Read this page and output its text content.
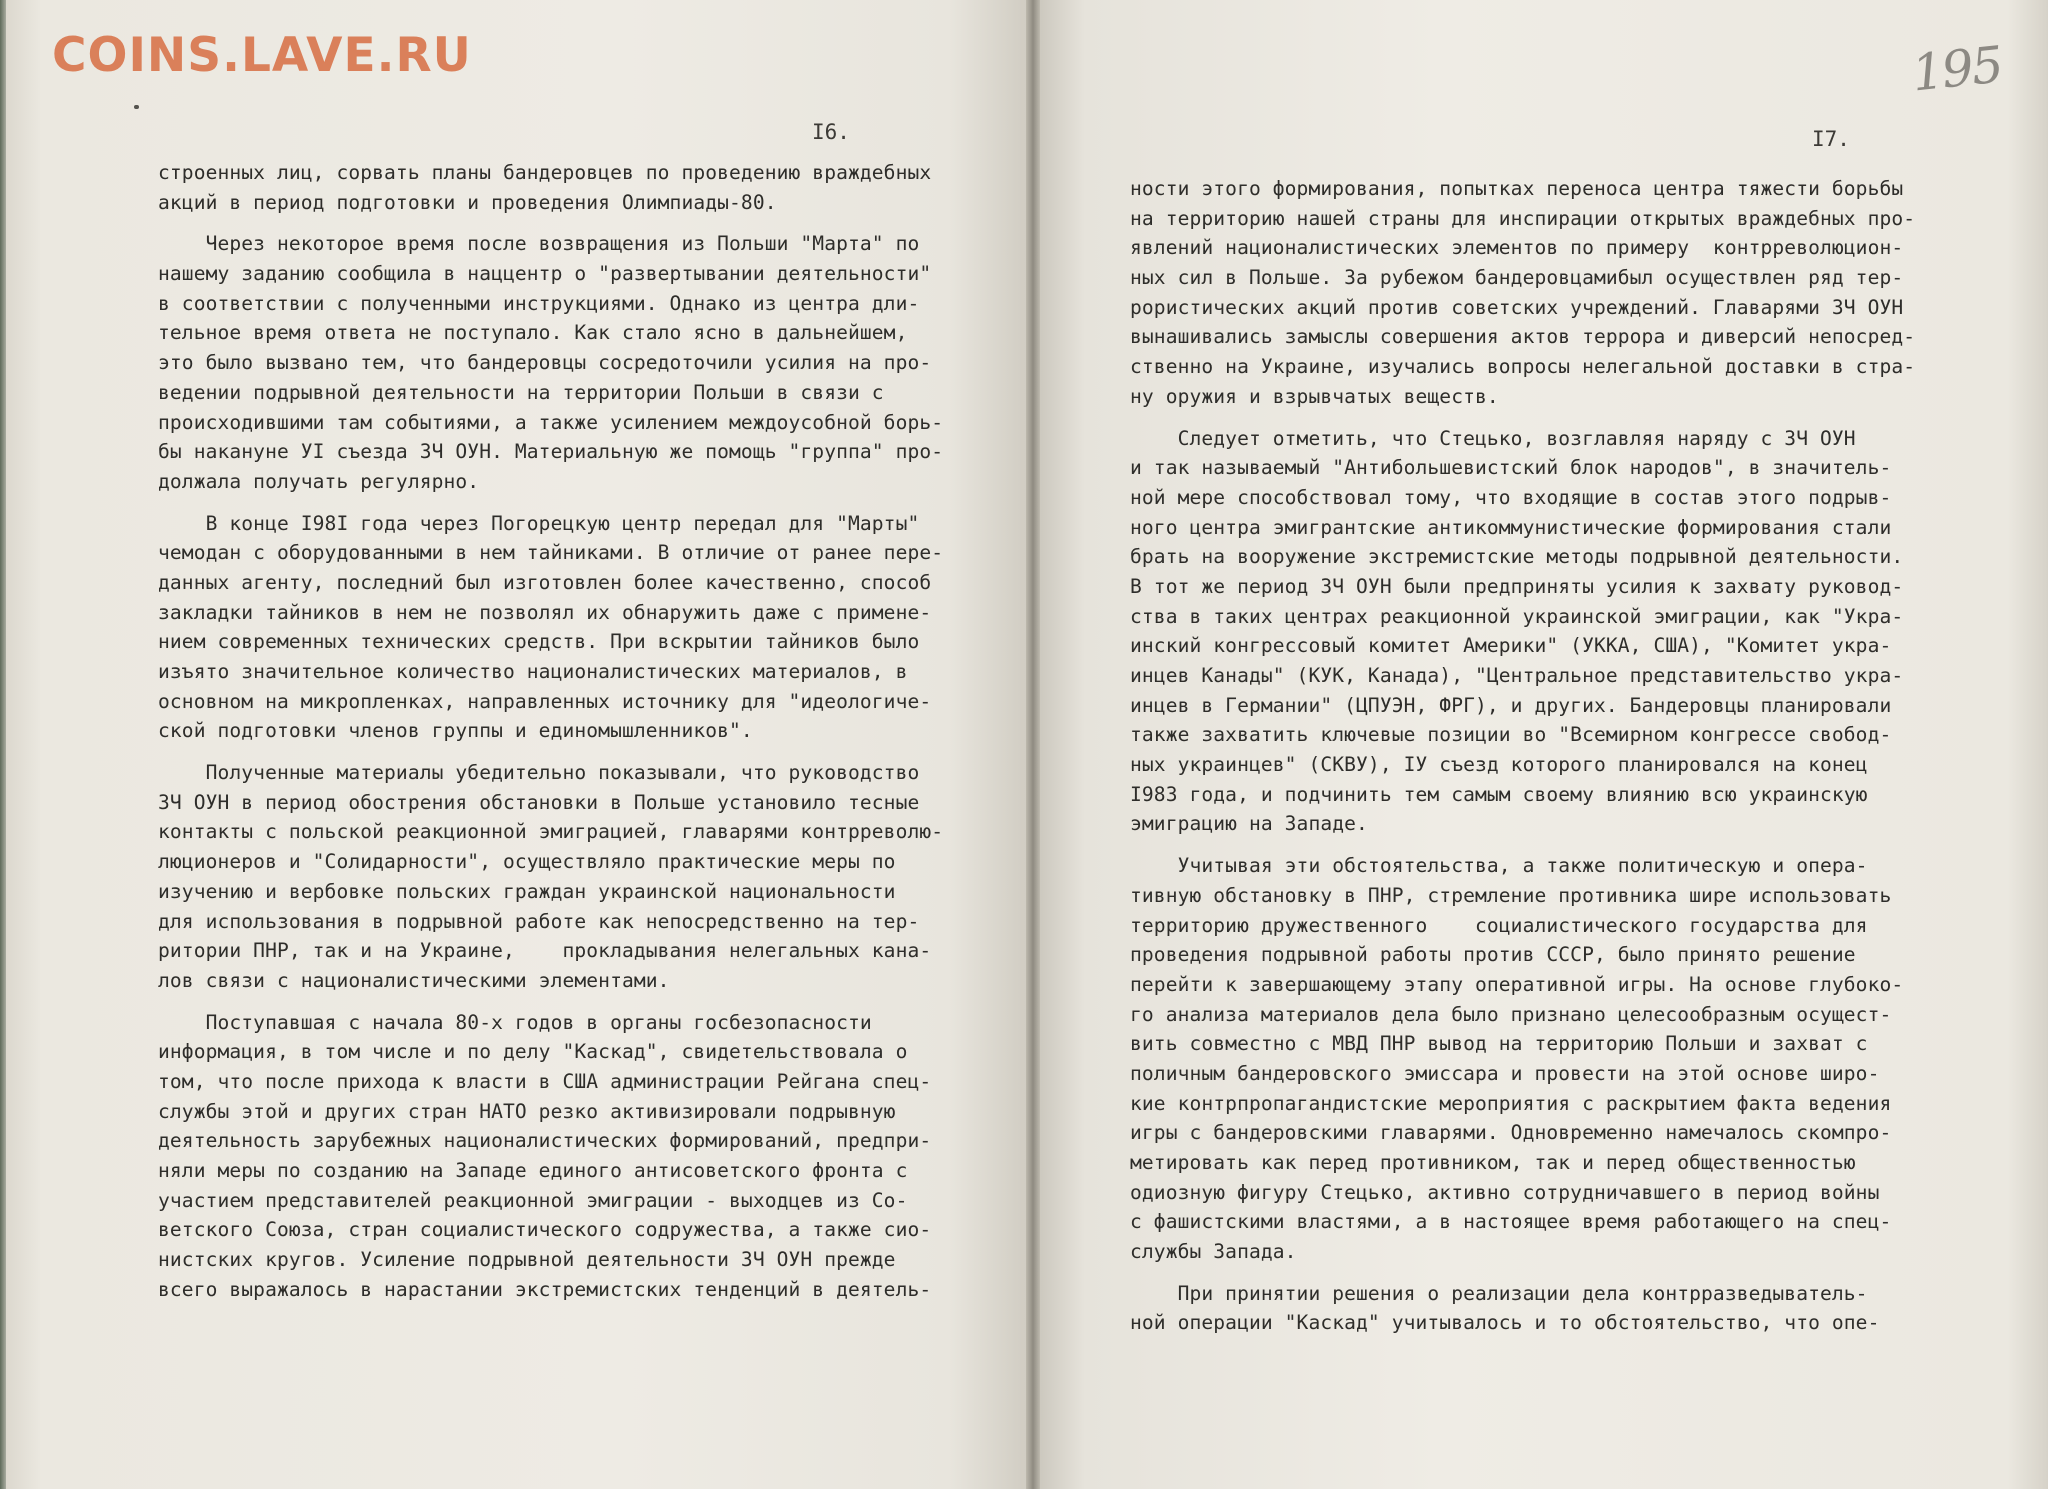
COINS.LAVE.RU	195
I6.	I7.
строенных лиц, сорвать планы бандеровцев по проведению враждебных
акций в период подготовки и проведения Олимпиады-80.
Через некоторое время после возвращения из Польши "Марта" по
нашему заданию сообщила в наццентр о "развертывании деятельности"
в соответствии с полученными инструкциями. Однако из центра дли-
тельное время ответа не поступало. Как стало ясно в дальнейшем,
это было вызвано тем, что бандеровцы сосредоточили усилия на про-
ведении подрывной деятельности на территории Польши в связи с
происходившими там событиями, а также усилением междоусобной борь-
бы накануне УI съезда ЗЧ ОУН. Материальную же помощь "группа" про-
должала получать регулярно.
В конце I98I года через Погорецкую центр передал для "Марты"
чемодан с оборудованными в нем тайниками. В отличие от ранее пере-
данных агенту, последний был изготовлен более качественно, способ
закладки тайников в нем не позволял их обнаружить даже с примене-
нием современных технических средств. При вскрытии тайников было
изъято значительное количество националистических материалов, в
основном на микропленках, направленных источнику для "идеологиче-
ской подготовки членов группы и единомышленников".
Полученные материалы убедительно показывали, что руководство
ЗЧ ОУН в период обострения обстановки в Польше установило тесные
контакты с польской реакционной эмиграцией, главарями контрреволю-
люционеров и "Солидарности", осуществляло практические меры по
изучению и вербовке польских граждан украинской национальности
для использования в подрывной работе как непосредственно на тер-
ритории ПНР, так и на Украине,    прокладывания нелегальных кана-
лов связи с националистическими элементами.
Поступавшая с начала 80-х годов в органы госбезопасности
информация, в том числе и по делу "Каскад", свидетельствовала о
том, что после прихода к власти в США администрации Рейгана спец-
службы этой и других стран НАТО резко активизировали подрывную
деятельность зарубежных националистических формирований, предпри-
няли меры по созданию на Западе единого антисоветского фронта с
участием представителей реакционной эмиграции - выходцев из Со-
ветского Союза, стран социалистического содружества, а также сио-
нистских кругов. Усиление подрывной деятельности ЗЧ ОУН прежде
всего выражалось в нарастании экстремистских тенденций в деятель-
ности этого формирования, попытках переноса центра тяжести борьбы
на территорию нашей страны для инспирации открытых враждебных про-
явлений националистических элементов по примеру  контрреволюцион-
ных сил в Польше. За рубежом бандеровцамибыл осуществлен ряд тер-
рористических акций против советских учреждений. Главарями ЗЧ ОУН
вынашивались замыслы совершения актов террора и диверсий непосред-
ственно на Украине, изучались вопросы нелегальной доставки в стра-
ну оружия и взрывчатых веществ.
Следует отметить, что Стецько, возглавляя наряду с ЗЧ ОУН
и так называемый "Антибольшевистский блок народов", в значитель-
ной мере способствовал тому, что входящие в состав этого подрыв-
ного центра эмигрантские антикоммунистические формирования стали
брать на вооружение экстремистские методы подрывной деятельности.
В тот же период ЗЧ ОУН были предприняты усилия к захвату руковод-
ства в таких центрах реакционной украинской эмиграции, как "Укра-
инский конгрессовый комитет Америки" (УККА, США), "Комитет укра-
инцев Канады" (КУК, Канада), "Центральное представительство укра-
инцев в Германии" (ЦПУЭН, ФРГ), и других. Бандеровцы планировали
также захватить ключевые позиции во "Всемирном конгрессе свобод-
ных украинцев" (СКВУ), IУ съезд которого планировался на конец
I983 года, и подчинить тем самым своему влиянию всю украинскую
эмиграцию на Западе.
Учитывая эти обстоятельства, а также политическую и опера-
тивную обстановку в ПНР, стремление противника шире использовать
территорию дружественного    социалистического государства для
проведения подрывной работы против СССР, было принято решение
перейти к завершающему этапу оперативной игры. На основе глубоко-
го анализа материалов дела было признано целесообразным осущест-
вить совместно с МВД ПНР вывод на территорию Польши и захват с
поличным бандеровского эмиссара и провести на этой основе широ-
кие контрпропагандистские мероприятия с раскрытием факта ведения
игры с бандеровскими главарями. Одновременно намечалось скомпро-
метировать как перед противником, так и перед общественностью
одиозную фигуру Стецько, активно сотрудничавшего в период войны
с фашистскими властями, а в настоящее время работающего на спец-
службы Запада.
При принятии решения о реализации дела контрразведыватель-
ной операции "Каскад" учитывалось и то обстоятельство, что опе-
